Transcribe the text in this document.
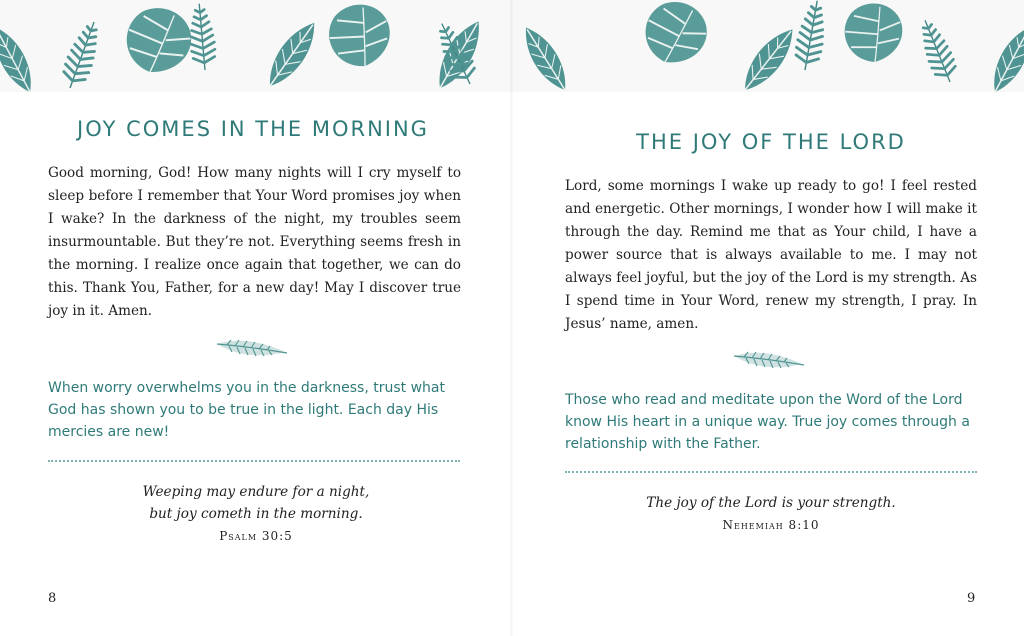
JOY COMES IN THE MORNING

Good morning, God! How many nights will I cry myself to sleep before I remember that Your Word promises joy when I wake? In the darkness of the night, my troubles seem insurmountable. But they’re not. Everything seems fresh in the morning. I realize once again that together, we can do this. Thank You, Father, for a new day! May I discover true joy in it. Amen.

When worry overwhelms you in the darkness, trust what God has shown you to be true in the light. Each day His mercies are new!

Weeping may endure for a night,
but joy cometh in the morning.

Psalm 30:5

8
THE JOY OF THE LORD

Lord, some mornings I wake up ready to go! I feel rested and energetic. Other mornings, I wonder how I will make it through the day. Remind me that as Your child, I have a power source that is always available to me. I may not always feel joyful, but the joy of the Lord is my strength. As I spend time in Your Word, renew my strength, I pray. In Jesus’ name, amen.

Those who read and meditate upon the Word of the Lord know His heart in a unique way. True joy comes through a relationship with the Father.

The joy of the Lord is your strength.

Nehemiah 8:10

9
